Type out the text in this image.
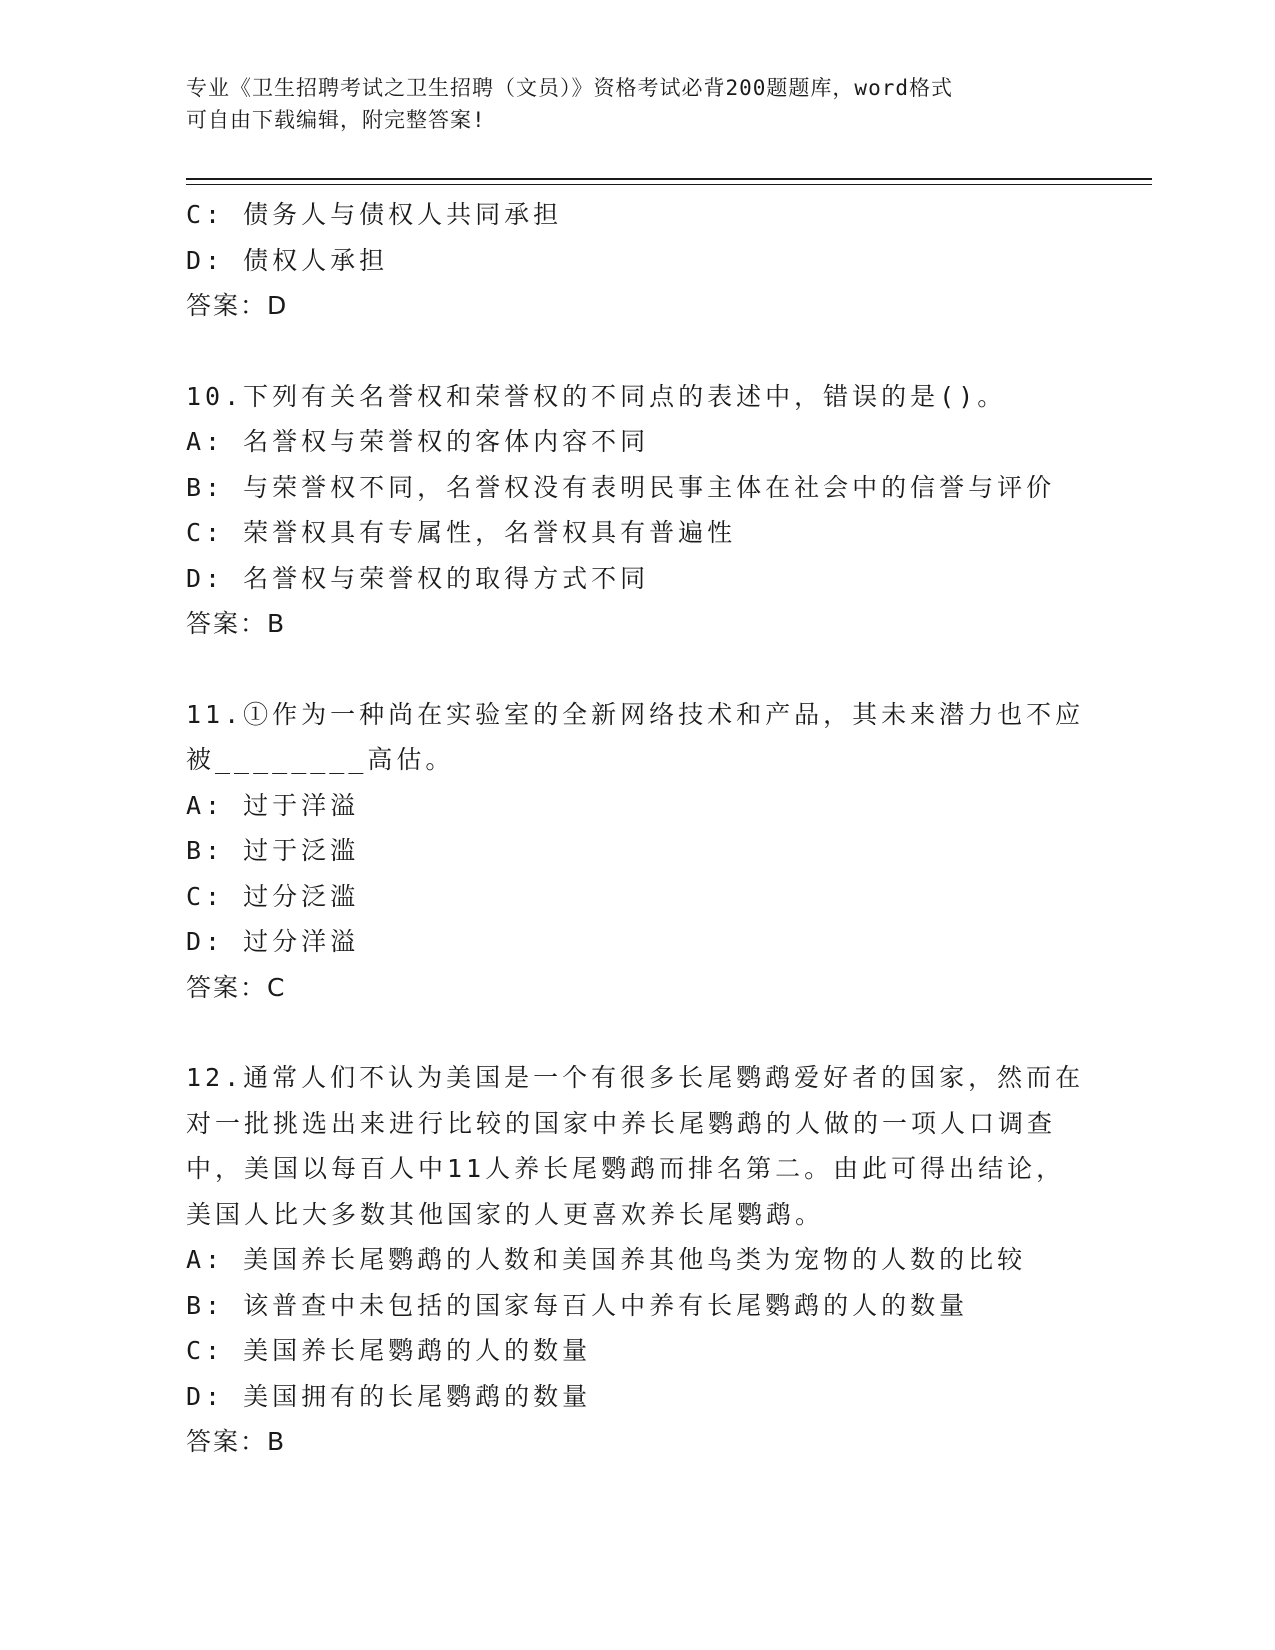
专业《卫生招聘考试之卫生招聘（文员）》资格考试必背200题题库，word格式
可自由下载编辑，附完整答案!
C: 债务人与债权人共同承担
D: 债权人承担
答案：D
10.下列有关名誉权和荣誉权的不同点的表述中，错误的是()。
A: 名誉权与荣誉权的客体内容不同
B: 与荣誉权不同，名誉权没有表明民事主体在社会中的信誉与评价
C: 荣誉权具有专属性，名誉权具有普遍性
D: 名誉权与荣誉权的取得方式不同
答案：B
11.①作为一种尚在实验室的全新网络技术和产品，其未来潜力也不应
被________高估。
A: 过于洋溢
B: 过于泛滥
C: 过分泛滥
D: 过分洋溢
答案：C
12.通常人们不认为美国是一个有很多长尾鹦鹉爱好者的国家，然而在
对一批挑选出来进行比较的国家中养长尾鹦鹉的人做的一项人口调查
中，美国以每百人中11人养长尾鹦鹉而排名第二。由此可得出结论，
美国人比大多数其他国家的人更喜欢养长尾鹦鹉。
A: 美国养长尾鹦鹉的人数和美国养其他鸟类为宠物的人数的比较
B: 该普查中未包括的国家每百人中养有长尾鹦鹉的人的数量
C: 美国养长尾鹦鹉的人的数量
D: 美国拥有的长尾鹦鹉的数量
答案：B
